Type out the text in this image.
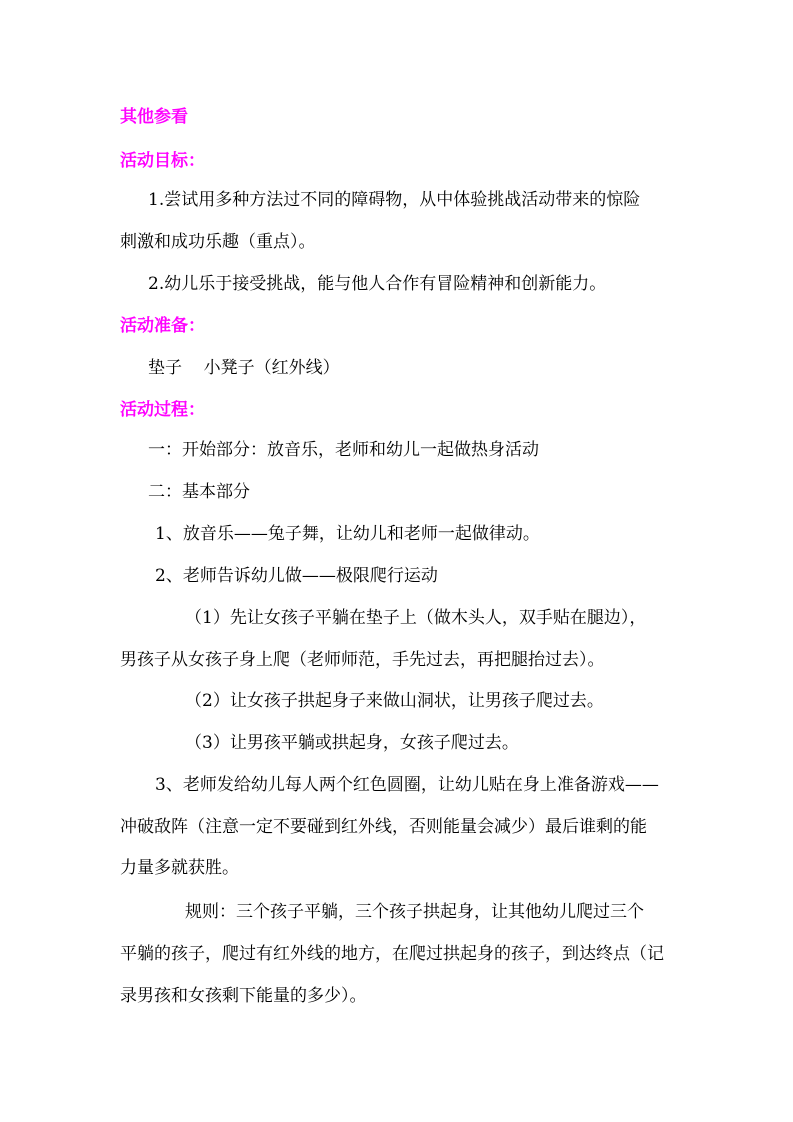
其他参看
活动目标：
1.尝试用多种方法过不同的障碍物，从中体验挑战活动带来的惊险
刺激和成功乐趣（重点）。
2.幼儿乐于接受挑战，能与他人合作有冒险精神和创新能力。
活动准备：
垫子    小凳子（红外线）
活动过程：
一：开始部分：放音乐，老师和幼儿一起做热身活动
二：基本部分
1、放音乐——兔子舞，让幼儿和老师一起做律动。
2、老师告诉幼儿做——极限爬行运动
（1）先让女孩子平躺在垫子上（做木头人，双手贴在腿边），
男孩子从女孩子身上爬（老师师范，手先过去，再把腿抬过去）。
（2）让女孩子拱起身子来做山洞状，让男孩子爬过去。
（3）让男孩平躺或拱起身，女孩子爬过去。
3、老师发给幼儿每人两个红色圆圈，让幼儿贴在身上准备游戏——
冲破敌阵（注意一定不要碰到红外线，否则能量会减少）最后谁剩的能
力量多就获胜。
规则：三个孩子平躺，三个孩子拱起身，让其他幼儿爬过三个
平躺的孩子，爬过有红外线的地方，在爬过拱起身的孩子，到达终点（记
录男孩和女孩剩下能量的多少）。
